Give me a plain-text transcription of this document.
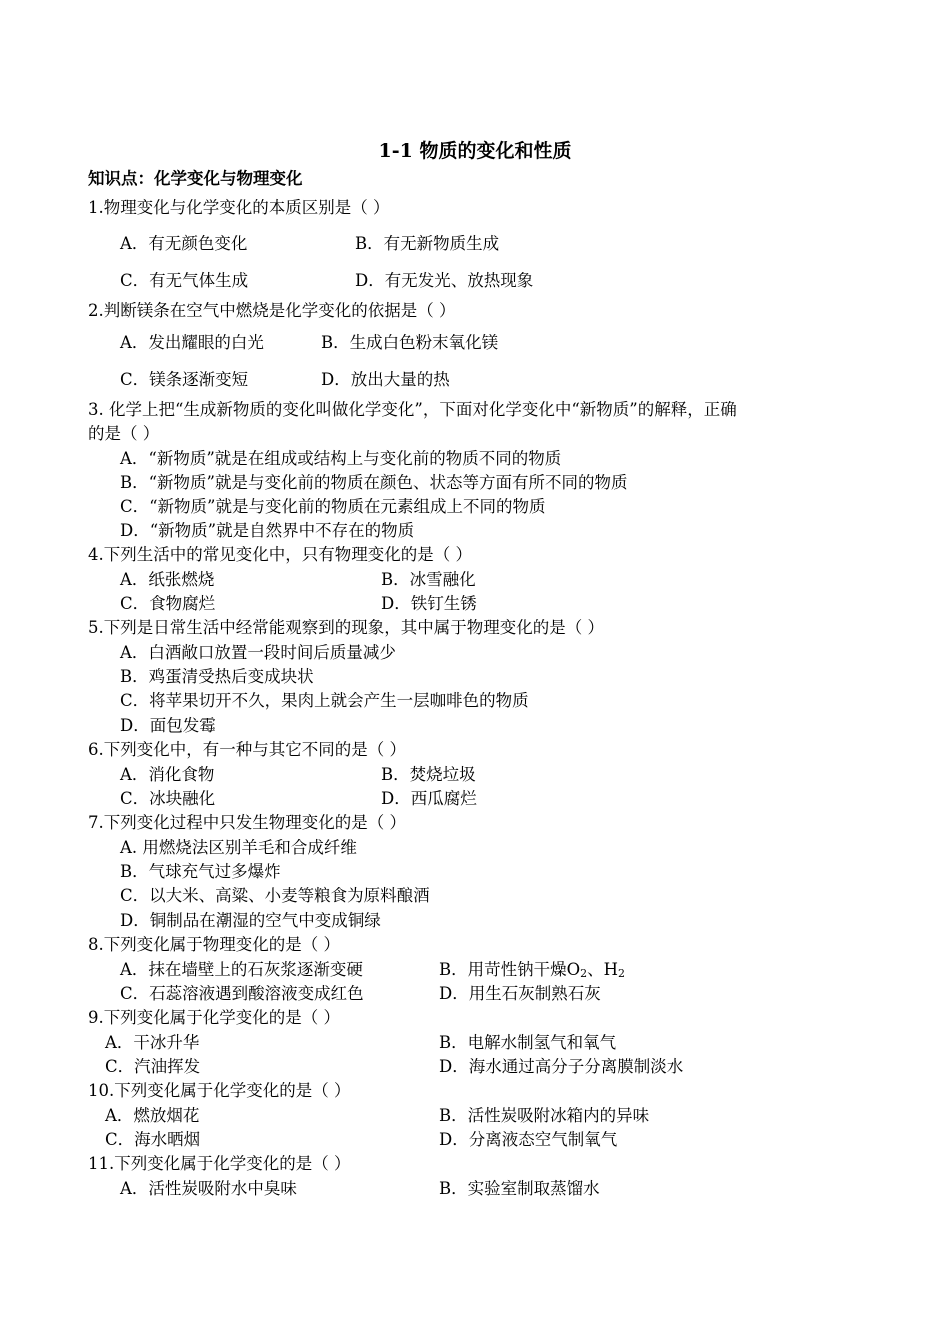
1-1 物质的变化和性质
知识点：化学变化与物理变化
1.物理变化与化学变化的本质区别是（ ）
A．有无颜色变化	B．有无新物质生成
C．有无气体生成	D．有无发光、放热现象
2.判断镁条在空气中燃烧是化学变化的依据是（ ）
A．发出耀眼的白光	B．生成白色粉末氧化镁
C．镁条逐渐变短	D．放出大量的热
3. 化学上把“生成新物质的变化叫做化学变化”，下面对化学变化中“新物质”的解释，正确
的是（ ）
A．“新物质”就是在组成或结构上与变化前的物质不同的物质
B．“新物质”就是与变化前的物质在颜色、状态等方面有所不同的物质
C．“新物质”就是与变化前的物质在元素组成上不同的物质
D．“新物质”就是自然界中不存在的物质
4.下列生活中的常见变化中，只有物理变化的是（ ）
A．纸张燃烧	B．冰雪融化
C．食物腐烂	D．铁钉生锈
5.下列是日常生活中经常能观察到的现象，其中属于物理变化的是（ ）
A．白酒敞口放置一段时间后质量减少
B．鸡蛋清受热后变成块状
C．将苹果切开不久，果肉上就会产生一层咖啡色的物质
D．面包发霉
6.下列变化中，有一种与其它不同的是（ ）
A．消化食物	B．焚烧垃圾
C．冰块融化	D．西瓜腐烂
7.下列变化过程中只发生物理变化的是（ ）
A. 用燃烧法区别羊毛和合成纤维
B．气球充气过多爆炸
C．以大米、高粱、小麦等粮食为原料酿酒
D．铜制品在潮湿的空气中变成铜绿
8.下列变化属于物理变化的是（ ）
A．抹在墙壁上的石灰浆逐渐变硬	B．用苛性钠干燥$O_2$、$H_2$
C．石蕊溶液遇到酸溶液变成红色	D．用生石灰制熟石灰
9.下列变化属于化学变化的是（ ）
A．干冰升华	B．电解水制氢气和氧气
C．汽油挥发	D．海水通过高分子分离膜制淡水
10.下列变化属于化学变化的是（ ）
A．燃放烟花	B．活性炭吸附冰箱内的异味
C．海水晒烟	D．分离液态空气制氧气
11.下列变化属于化学变化的是（ ）
A．活性炭吸附水中臭味	B．实验室制取蒸馏水
